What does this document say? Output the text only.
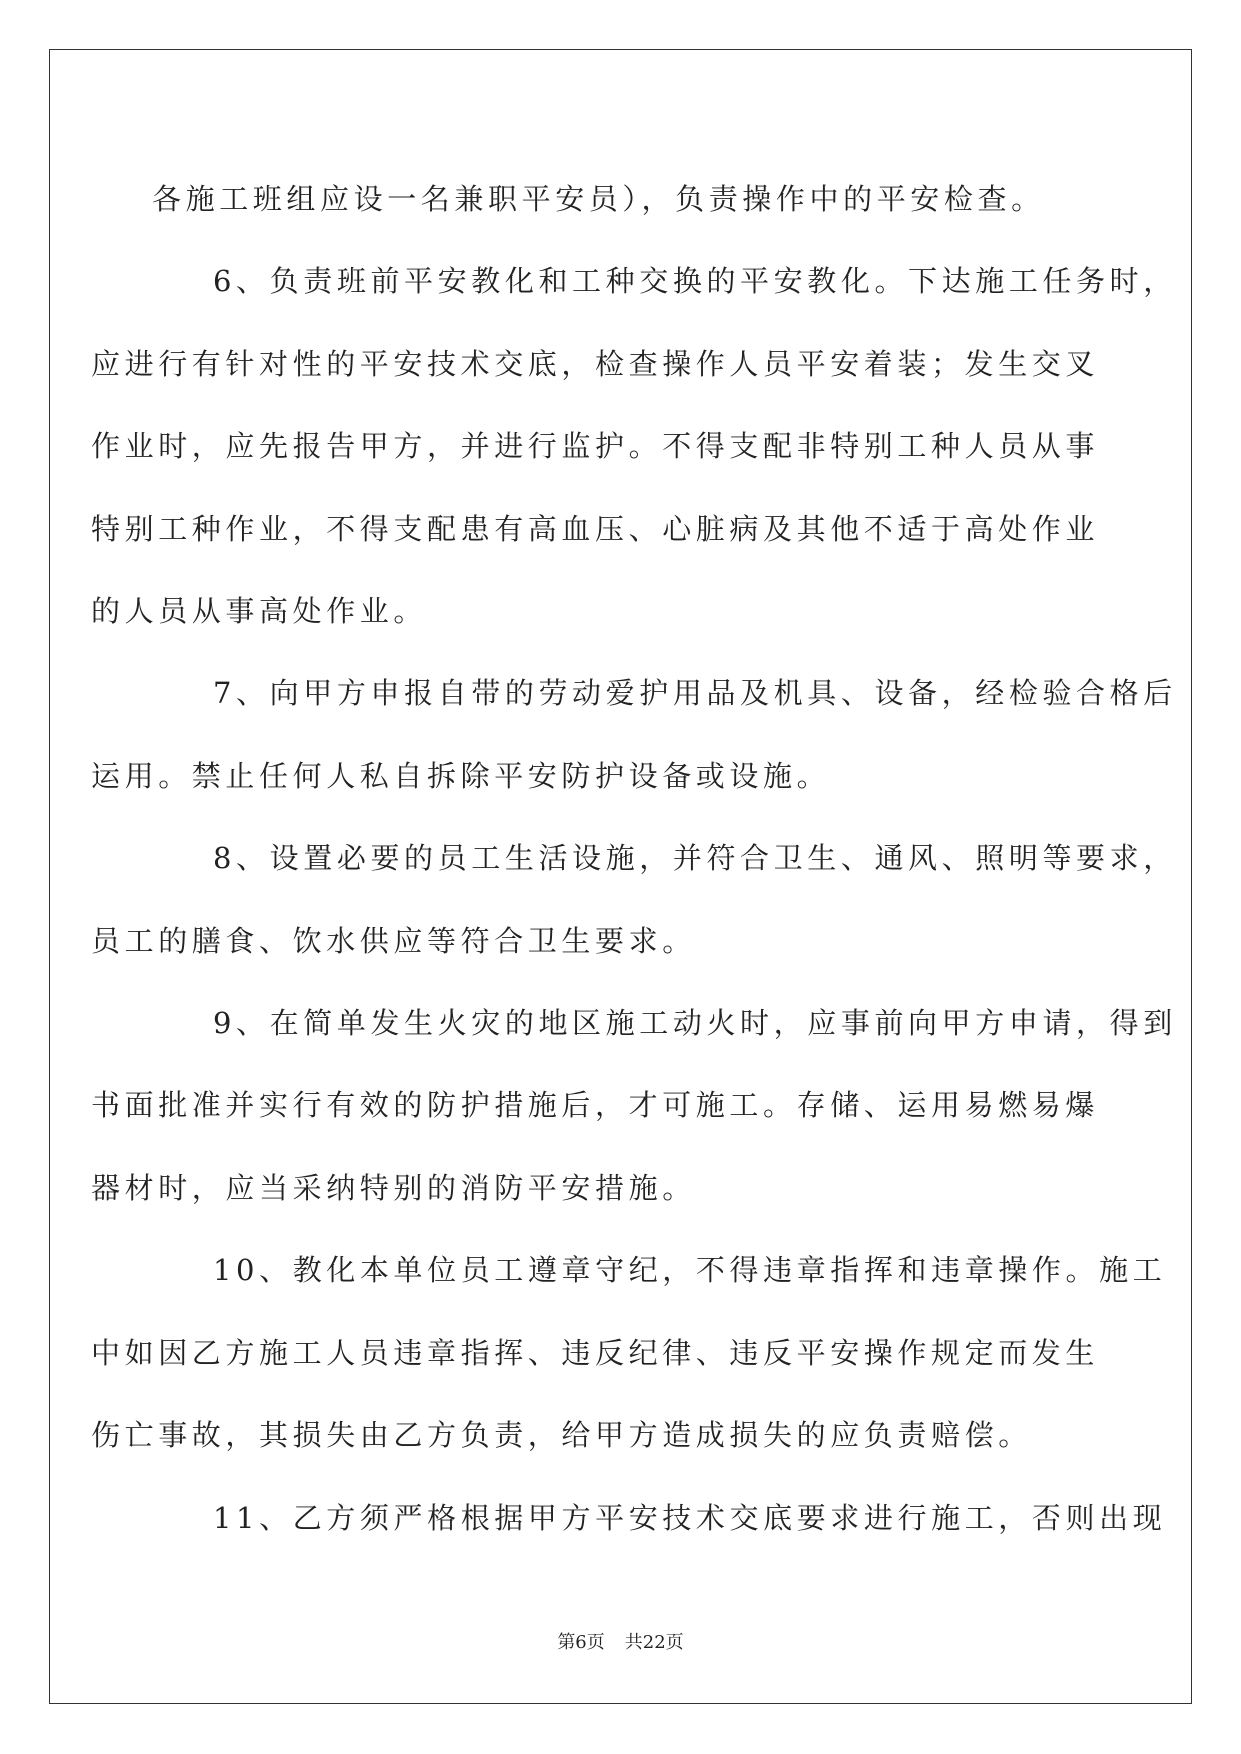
各施工班组应设一名兼职平安员），负责操作中的平安检查。

6、负责班前平安教化和工种交换的平安教化。下达施工任务时，
应进行有针对性的平安技术交底，检查操作人员平安着装；发生交叉
作业时，应先报告甲方，并进行监护。不得支配非特别工种人员从事
特别工种作业，不得支配患有高血压、心脏病及其他不适于高处作业
的人员从事高处作业。

7、向甲方申报自带的劳动爱护用品及机具、设备，经检验合格后
运用。禁止任何人私自拆除平安防护设备或设施。

8、设置必要的员工生活设施，并符合卫生、通风、照明等要求，
员工的膳食、饮水供应等符合卫生要求。

9、在简单发生火灾的地区施工动火时，应事前向甲方申请，得到
书面批准并实行有效的防护措施后，才可施工。存储、运用易燃易爆
器材时，应当采纳特别的消防平安措施。

10、教化本单位员工遵章守纪，不得违章指挥和违章操作。施工
中如因乙方施工人员违章指挥、违反纪律、违反平安操作规定而发生
伤亡事故，其损失由乙方负责，给甲方造成损失的应负责赔偿。

11、乙方须严格根据甲方平安技术交底要求进行施工，否则出现

第6页 共22页
